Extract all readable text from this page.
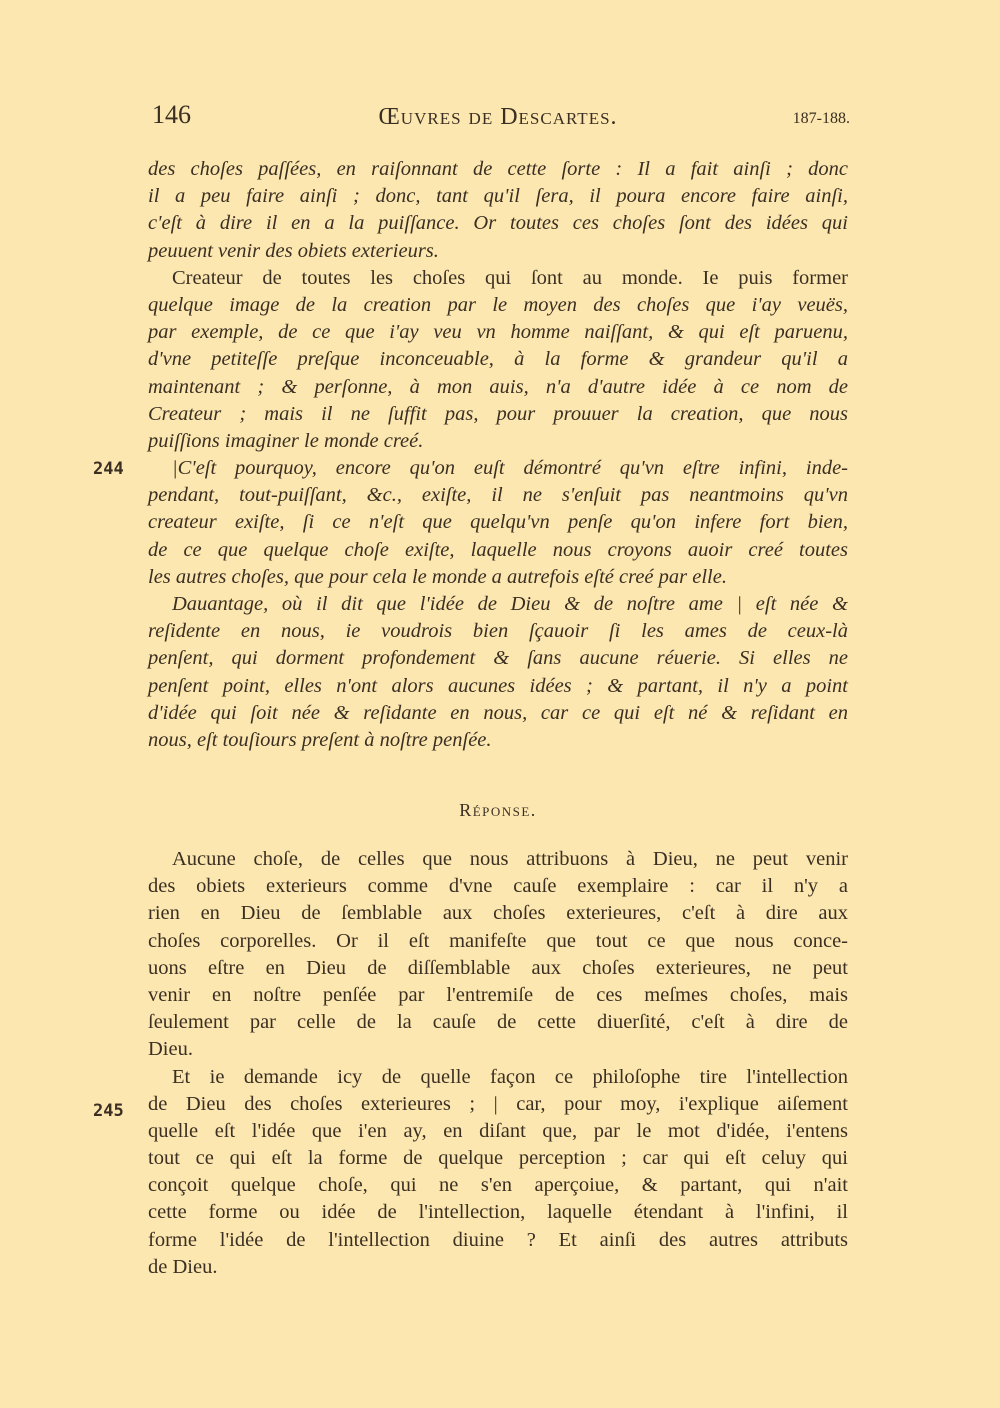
146	Œuvres de Descartes.	187-188.
244
245
des choſes paſſées, en raiſonnant de cette ſorte : Il a fait ainſi ; donc
il a peu faire ainſi ; donc, tant qu'il ſera, il poura encore faire ainſi,
c'eſt à dire il en a la puiſſance. Or toutes ces choſes ſont des idées qui
peuuent venir des obiets exterieurs.
Createur de toutes les choſes qui ſont au monde. Ie puis former
quelque image de la creation par le moyen des choſes que i'ay veuës,
par exemple, de ce que i'ay veu vn homme naiſſant, & qui eſt paruenu,
d'vne petiteſſe preſque inconceuable, à la forme & grandeur qu'il a
maintenant ; & perſonne, à mon auis, n'a d'autre idée à ce nom de
Createur ; mais il ne ſuffit pas, pour prouuer la creation, que nous
puiſſions imaginer le monde creé.
|C'eſt pourquoy, encore qu'on euſt démontré qu'vn eſtre infini, inde-
pendant, tout-puiſſant, &c., exiſte, il ne s'enſuit pas neantmoins qu'vn
createur exiſte, ſi ce n'eſt que quelqu'vn penſe qu'on infere fort bien,
de ce que quelque choſe exiſte, laquelle nous croyons auoir creé toutes
les autres choſes, que pour cela le monde a autrefois eſté creé par elle.
Dauantage, où il dit que l'idée de Dieu & de noſtre ame | eſt née &
reſidente en nous, ie voudrois bien ſçauoir ſi les ames de ceux-là
penſent, qui dorment profondement & ſans aucune réuerie. Si elles ne
penſent point, elles n'ont alors aucunes idées ; & partant, il n'y a point
d'idée qui ſoit née & reſidante en nous, car ce qui eſt né & reſidant en
nous, eſt touſiours preſent à noſtre penſée.
Réponse.
Aucune choſe, de celles que nous attribuons à Dieu, ne peut venir
des obiets exterieurs comme d'vne cauſe exemplaire : car il n'y a
rien en Dieu de ſemblable aux choſes exterieures, c'eſt à dire aux
choſes corporelles. Or il eſt manifeſte que tout ce que nous conce-
uons eſtre en Dieu de diſſemblable aux choſes exterieures, ne peut
venir en noſtre penſée par l'entremiſe de ces meſmes choſes, mais
ſeulement par celle de la cauſe de cette diuerſité, c'eſt à dire de
Dieu.
Et ie demande icy de quelle façon ce philoſophe tire l'intellection
de Dieu des choſes exterieures ; | car, pour moy, i'explique aiſement
quelle eſt l'idée que i'en ay, en diſant que, par le mot d'idée, i'entens
tout ce qui eſt la forme de quelque perception ; car qui eſt celuy qui
conçoit quelque choſe, qui ne s'en aperçoiue, & partant, qui n'ait
cette forme ou idée de l'intellection, laquelle étendant à l'infini, il
forme l'idée de l'intellection diuine ? Et ainſi des autres attributs
de Dieu.
